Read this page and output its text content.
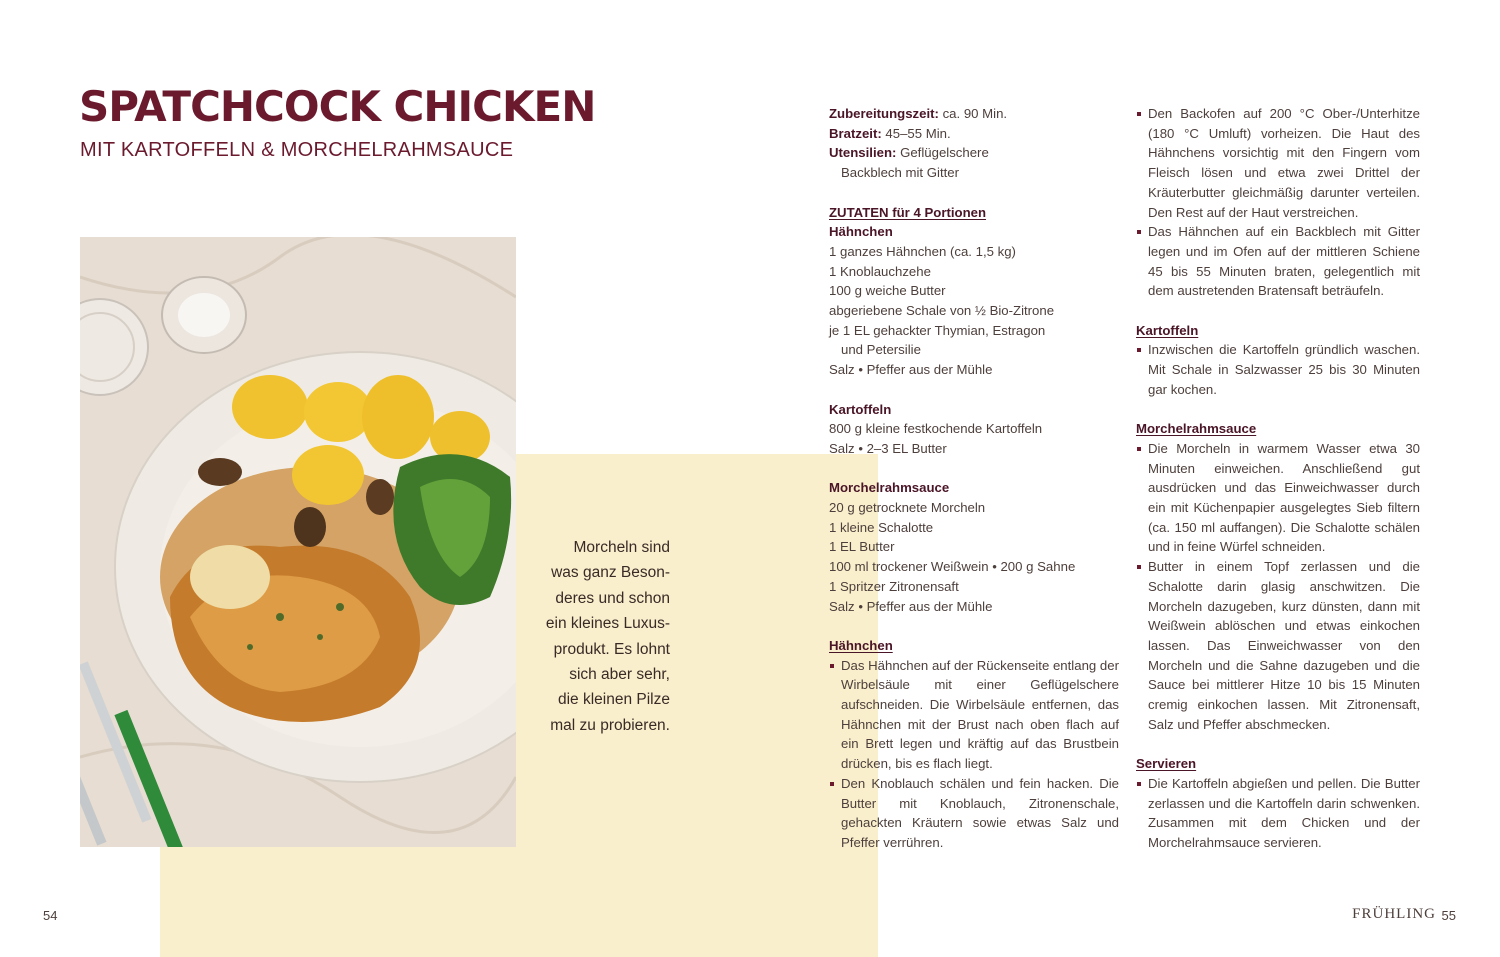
SPATCHCOCK CHICKEN
MIT KARTOFFELN & MORCHELRAHMSAUCE
Morcheln sind
was ganz Beson-
deres und schon
ein kleines Luxus-
produkt. Es lohnt
sich aber sehr,
die kleinen Pilze
mal zu probieren.
Zubereitungszeit: ca. 90 Min.
Bratzeit: 45–55 Min.
Utensilien: Geflügelschere
Backblech mit Gitter
ZUTATEN für 4 Portionen
Hähnchen
1 ganzes Hähnchen (ca. 1,5 kg)
1 Knoblauchzehe
100 g weiche Butter
abgeriebene Schale von ½ Bio-Zitrone
je 1 EL gehackter Thymian, Estragon
und Petersilie
Salz • Pfeffer aus der Mühle
Kartoffeln
800 g kleine festkochende Kartoffeln
Salz • 2–3 EL Butter
Morchelrahmsauce
20 g getrocknete Morcheln
1 kleine Schalotte
1 EL Butter
100 ml trockener Weißwein • 200 g Sahne
1 Spritzer Zitronensaft
Salz • Pfeffer aus der Mühle
Hähnchen
Das Hähnchen auf der Rückenseite entlang der Wirbelsäule mit einer Geflügelschere aufschneiden. Die Wirbelsäule entfernen, das Hähnchen mit der Brust nach oben flach auf ein Brett legen und kräftig auf das Brustbein drücken, bis es flach liegt.
Den Knoblauch schälen und fein hacken. Die Butter mit Knoblauch, Zitronenschale, gehackten Kräutern sowie etwas Salz und Pfeffer verrühren.
Den Backofen auf 200 °C Ober-/Unterhitze (180 °C Umluft) vorheizen. Die Haut des Hähnchens vorsichtig mit den Fingern vom Fleisch lösen und etwa zwei Drittel der Kräuterbutter gleichmäßig darunter verteilen. Den Rest auf der Haut verstreichen.
Das Hähnchen auf ein Backblech mit Gitter legen und im Ofen auf der mittleren Schiene 45 bis 55 Minuten braten, gelegentlich mit dem austretenden Bratensaft beträufeln.
Kartoffeln
Inzwischen die Kartoffeln gründlich waschen. Mit Schale in Salzwasser 25 bis 30 Minuten gar kochen.
Morchelrahmsauce
Die Morcheln in warmem Wasser etwa 30 Minuten einweichen. Anschließend gut ausdrücken und das Einweichwasser durch ein mit Küchenpapier ausgelegtes Sieb filtern (ca. 150 ml auffangen). Die Schalotte schälen und in feine Würfel schneiden.
Butter in einem Topf zerlassen und die Schalotte darin glasig anschwitzen. Die Morcheln dazugeben, kurz dünsten, dann mit Weißwein ablöschen und etwas einkochen lassen. Das Einweichwasser von den Morcheln und die Sahne dazugeben und die Sauce bei mittlerer Hitze 10 bis 15 Minuten cremig einkochen lassen. Mit Zitronensaft, Salz und Pfeffer abschmecken.
Servieren
Die Kartoffeln abgießen und pellen. Die Butter zerlassen und die Kartoffeln darin schwenken. Zusammen mit dem Chicken und der Morchelrahmsauce servieren.
54	FRÜHLING 55
